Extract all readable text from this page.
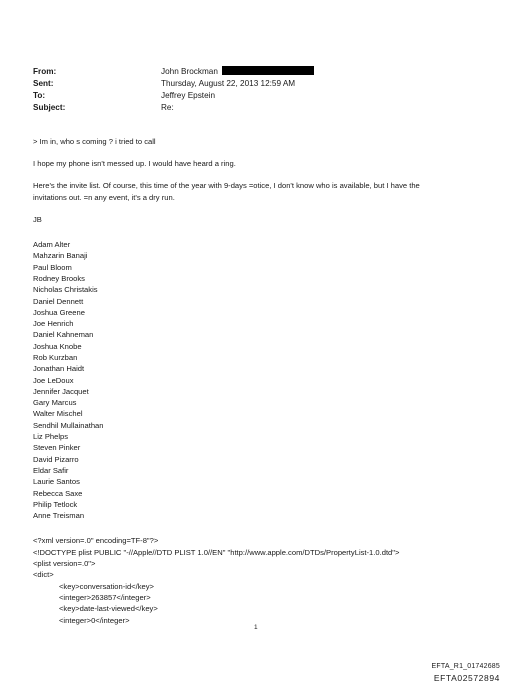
From:	John Brockman
Sent:	Thursday, August 22, 2013 12:59 AM
To:	Jeffrey Epstein
Subject:	Re:

> Im in, who s coming ? i tried to call

I hope my phone isn't messed up. I would have heard a ring.

Here's the invite list. Of course, this time of the year with 9-days =otice, I don't know who is available, but I have the

invitations out. =n any event, it's a dry run.

JB

Adam Alter
Mahzarin Banaji
Paul Bloom
Rodney Brooks
Nicholas Christakis
Daniel Dennett
Joshua Greene
Joe Henrich
Daniel Kahneman
Joshua Knobe
Rob Kurzban
Jonathan Haidt
Joe LeDoux
Jennifer Jacquet
Gary Marcus
Walter Mischel
Sendhil Mullainathan
Liz Phelps
Steven Pinker
David Pizarro
Eldar Safir
Laurie Santos
Rebecca Saxe
Philip Tetlock
Anne Treisman
<?xml version=.0" encoding=TF-8"?>
<!DOCTYPE plist PUBLIC "-//Apple//DTD PLIST 1.0//EN" "http://www.apple.com/DTDs/PropertyList-1.0.dtd">
<plist version=.0">
<dict>
<key>conversation-id</key>
<integer>263857</integer>
<key>date-last-viewed</key>
<integer>0</integer>
1
EFTA_R1_01742685
EFTA02572894
